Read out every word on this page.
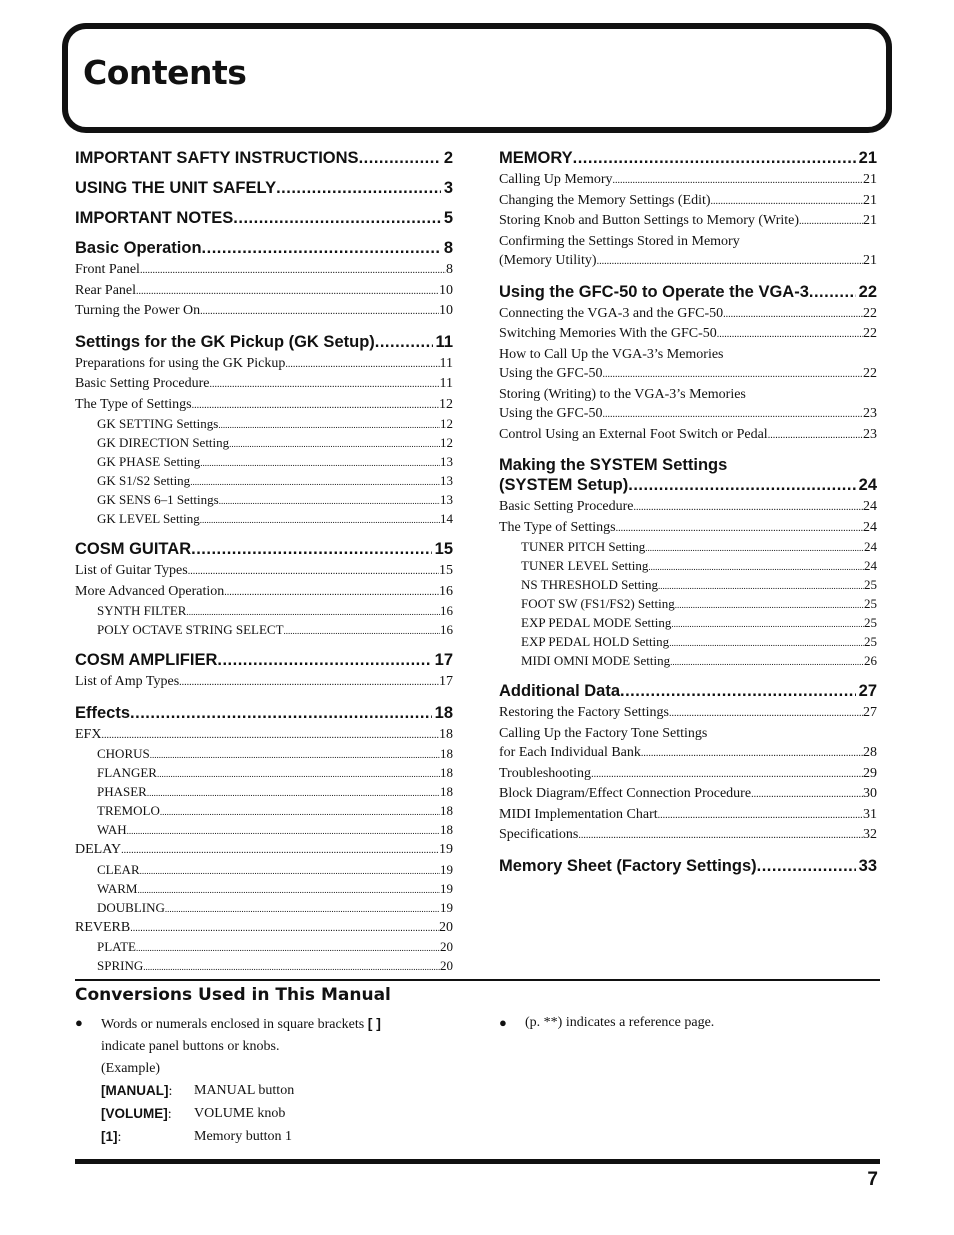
Contents
IMPORTANT SAFTY INSTRUCTIONS .....	2
USING THE UNIT SAFELY .....	3
IMPORTANT NOTES .....	5
Basic Operation .....	8
Front Panel .....	8
Rear Panel .....	10
Turning the Power On .....	10
Settings for the GK Pickup (GK Setup) .....	11
Preparations for using the GK Pickup .....	11
Basic Setting Procedure .....	11
The Type of Settings .....	12
GK SETTING Settings .....	12
GK DIRECTION Setting .....	12
GK PHASE Setting .....	13
GK S1/S2 Setting .....	13
GK SENS 6–1 Settings .....	13
GK LEVEL Setting .....	14
COSM GUITAR .....	15
List of Guitar Types .....	15
More Advanced Operation .....	16
SYNTH FILTER .....	16
POLY OCTAVE STRING SELECT .....	16
COSM AMPLIFIER .....	17
List of Amp Types .....	17
Effects .....	18
EFX .....	18
CHORUS .....	18
FLANGER .....	18
PHASER .....	18
TREMOLO .....	18
WAH .....	18
DELAY .....	19
CLEAR .....	19
WARM .....	19
DOUBLING .....	19
REVERB .....	20
PLATE .....	20
SPRING .....	20
MEMORY .....	21
Calling Up Memory .....	21
Changing the Memory Settings (Edit) .....	21
Storing Knob and Button Settings to Memory (Write) .....	21
Confirming the Settings Stored in Memory
(Memory Utility) .....	21
Using the GFC-50 to Operate the VGA-3 .....	22
Connecting the VGA-3 and the GFC-50 .....	22
Switching Memories With the GFC-50 .....	22
How to Call Up the VGA-3’s Memories
Using the GFC-50 .....	22
Storing (Writing) to the VGA-3’s Memories
Using the GFC-50 .....	23
Control Using an External Foot Switch or Pedal .....	23
Making the SYSTEM Settings
(SYSTEM Setup) .....	24
Basic Setting Procedure .....	24
The Type of Settings .....	24
TUNER PITCH Setting .....	24
TUNER LEVEL Setting .....	24
NS THRESHOLD Setting .....	25
FOOT SW (FS1/FS2) Setting .....	25
EXP PEDAL MODE Setting .....	25
EXP PEDAL HOLD Setting .....	25
MIDI OMNI MODE Setting .....	26
Additional Data .....	27
Restoring the Factory Settings .....	27
Calling Up the Factory Tone Settings
for Each Individual Bank .....	28
Troubleshooting .....	29
Block Diagram/Effect Connection Procedure .....	30
MIDI Implementation Chart .....	31
Specifications .....	32
Memory Sheet (Factory Settings) .....	33
Conversions Used in This Manual
● Words or numerals enclosed in square brackets [ ]
indicate panel buttons or knobs.
(Example)
[MANUAL]:	MANUAL button
[VOLUME]:	VOLUME knob
[1]:	Memory button 1
● (p. **) indicates a reference page.
7
